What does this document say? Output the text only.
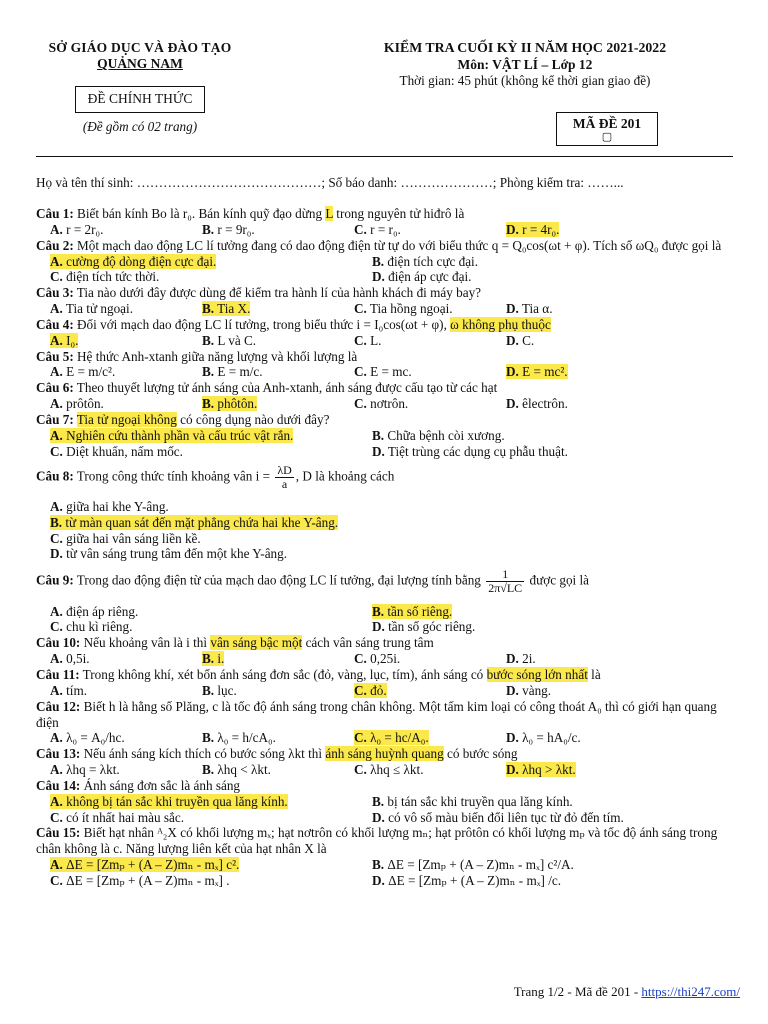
SỞ GIÁO DỤC VÀ ĐÀO TẠO
QUẢNG NAM
ĐỀ CHÍNH THỨC
(Đề gồm có 02 trang)
KIỂM TRA CUỐI KỲ II NĂM HỌC 2021-2022
Môn: VẬT LÍ – Lớp 12
Thời gian: 45 phút (không kể thời gian giao đề)
MÃ ĐỀ 201
▢
Họ và tên thí sinh: ……………………………………; Số báo danh: …………………; Phòng kiểm tra: ……...
Câu 1: Biết bán kính Bo là r₀. Bán kính quỹ đạo dừng L trong nguyên tử hiđrô là
A. r = 2r₀.	B. r = 9r₀.	C. r = r₀.	D. r = 4r₀.
Câu 2: Một mạch dao động LC lí tưởng đang có dao động điện từ tự do với biểu thức q = Q₀cos(ωt + φ). Tích số ωQ₀ được gọi là
A. cường độ dòng điện cực đại.	B. điện tích cực đại.
C. điện tích tức thời.	D. điện áp cực đại.
Câu 3: Tia nào dưới đây được dùng để kiểm tra hành lí của hành khách đi máy bay?
A. Tia tử ngoại.	B. Tia X.	C. Tia hồng ngoại.	D. Tia α.
Câu 4: Đối với mạch dao động LC lí tưởng, trong biểu thức i = I₀cos(ωt + φ), ω không phụ thuộc
A. I₀.	B. L và C.	C. L.	D. C.
Câu 5: Hệ thức Anh-xtanh giữa năng lượng và khối lượng là
A. E = m/c².	B. E = m/c.	C. E = mc.	D. E = mc².
Câu 6: Theo thuyết lượng tử ánh sáng của Anh-xtanh, ánh sáng được cấu tạo từ các hạt
A. prôtôn.	B. phôtôn.	C. nơtrôn.	D. êlectrôn.
Câu 7: Tia tử ngoại không có công dụng nào dưới đây?
A. Nghiên cứu thành phần và cấu trúc vật rắn.	B. Chữa bệnh còi xương.
C. Diệt khuẩn, nấm mốc.	D. Tiệt trùng các dụng cụ phẫu thuật.
Câu 8: Trong công thức tính khoảng vân $i = \frac{\lambda D}{a}$ , D là khoảng cách
A. giữa hai khe Y-âng.
B. từ màn quan sát đến mặt phẳng chứa hai khe Y-âng.
C. giữa hai vân sáng liền kề.
D. từ vân sáng trung tâm đến một khe Y-âng.
Câu 9: Trong dao động điện từ của mạch dao động LC lí tưởng, đại lượng tính bằng $\frac{1}{2\pi√LC}$ được gọi là
A. điện áp riêng.	B. tần số riêng.
C. chu kì riêng.	D. tần số góc riêng.
Câu 10: Nếu khoảng vân là i thì vân sáng bậc một cách vân sáng trung tâm
A. 0,5i.	B. i.	C. 0,25i.	D. 2i.
Câu 11: Trong không khí, xét bốn ánh sáng đơn sắc (đỏ, vàng, lục, tím), ánh sáng có bước sóng lớn nhất là
A. tím.	B. lục.	C. đỏ.	D. vàng.
Câu 12: Biết h là hằng số Plăng, c là tốc độ ánh sáng trong chân không. Một tấm kim loại có công thoát A₀ thì có giới hạn quang điện
A. λ₀ = A₀/hc.	B. λ₀ = h/cA₀.	C. λ₀ = hc/A₀.	D. λ₀ = hA₀/c.
Câu 13: Nếu ánh sáng kích thích có bước sóng λkt thì ánh sáng huỳnh quang có bước sóng
A. λhq = λkt.	B. λhq < λkt.	C. λhq ≤ λkt.	D. λhq > λkt.
Câu 14: Ánh sáng đơn sắc là ánh sáng
A. không bị tán sắc khi truyền qua lăng kính.	B. bị tán sắc khi truyền qua lăng kính.
C. có ít nhất hai màu sắc.	D. có vô số màu biến đổi liên tục từ đỏ đến tím.
Câu 15: Biết hạt nhân ᴬ₂X có khối lượng mₓ; hạt nơtrôn có khối lượng mₙ; hạt prôtôn có khối lượng mₚ và tốc độ ánh sáng trong chân không là c. Năng lượng liên kết của hạt nhân X là
A. ΔE = [Zmₚ + (A – Z)mₙ - mₓ] c².	B. ΔE = [Zmₚ + (A – Z)mₙ - mₓ] c²/A.
C. ΔE = [Zmₚ + (A – Z)mₙ - mₓ] .	D. ΔE = [Zmₚ + (A – Z)mₙ - mₓ] /c.
Trang 1/2 - Mã đề 201 - https://thi247.com/
